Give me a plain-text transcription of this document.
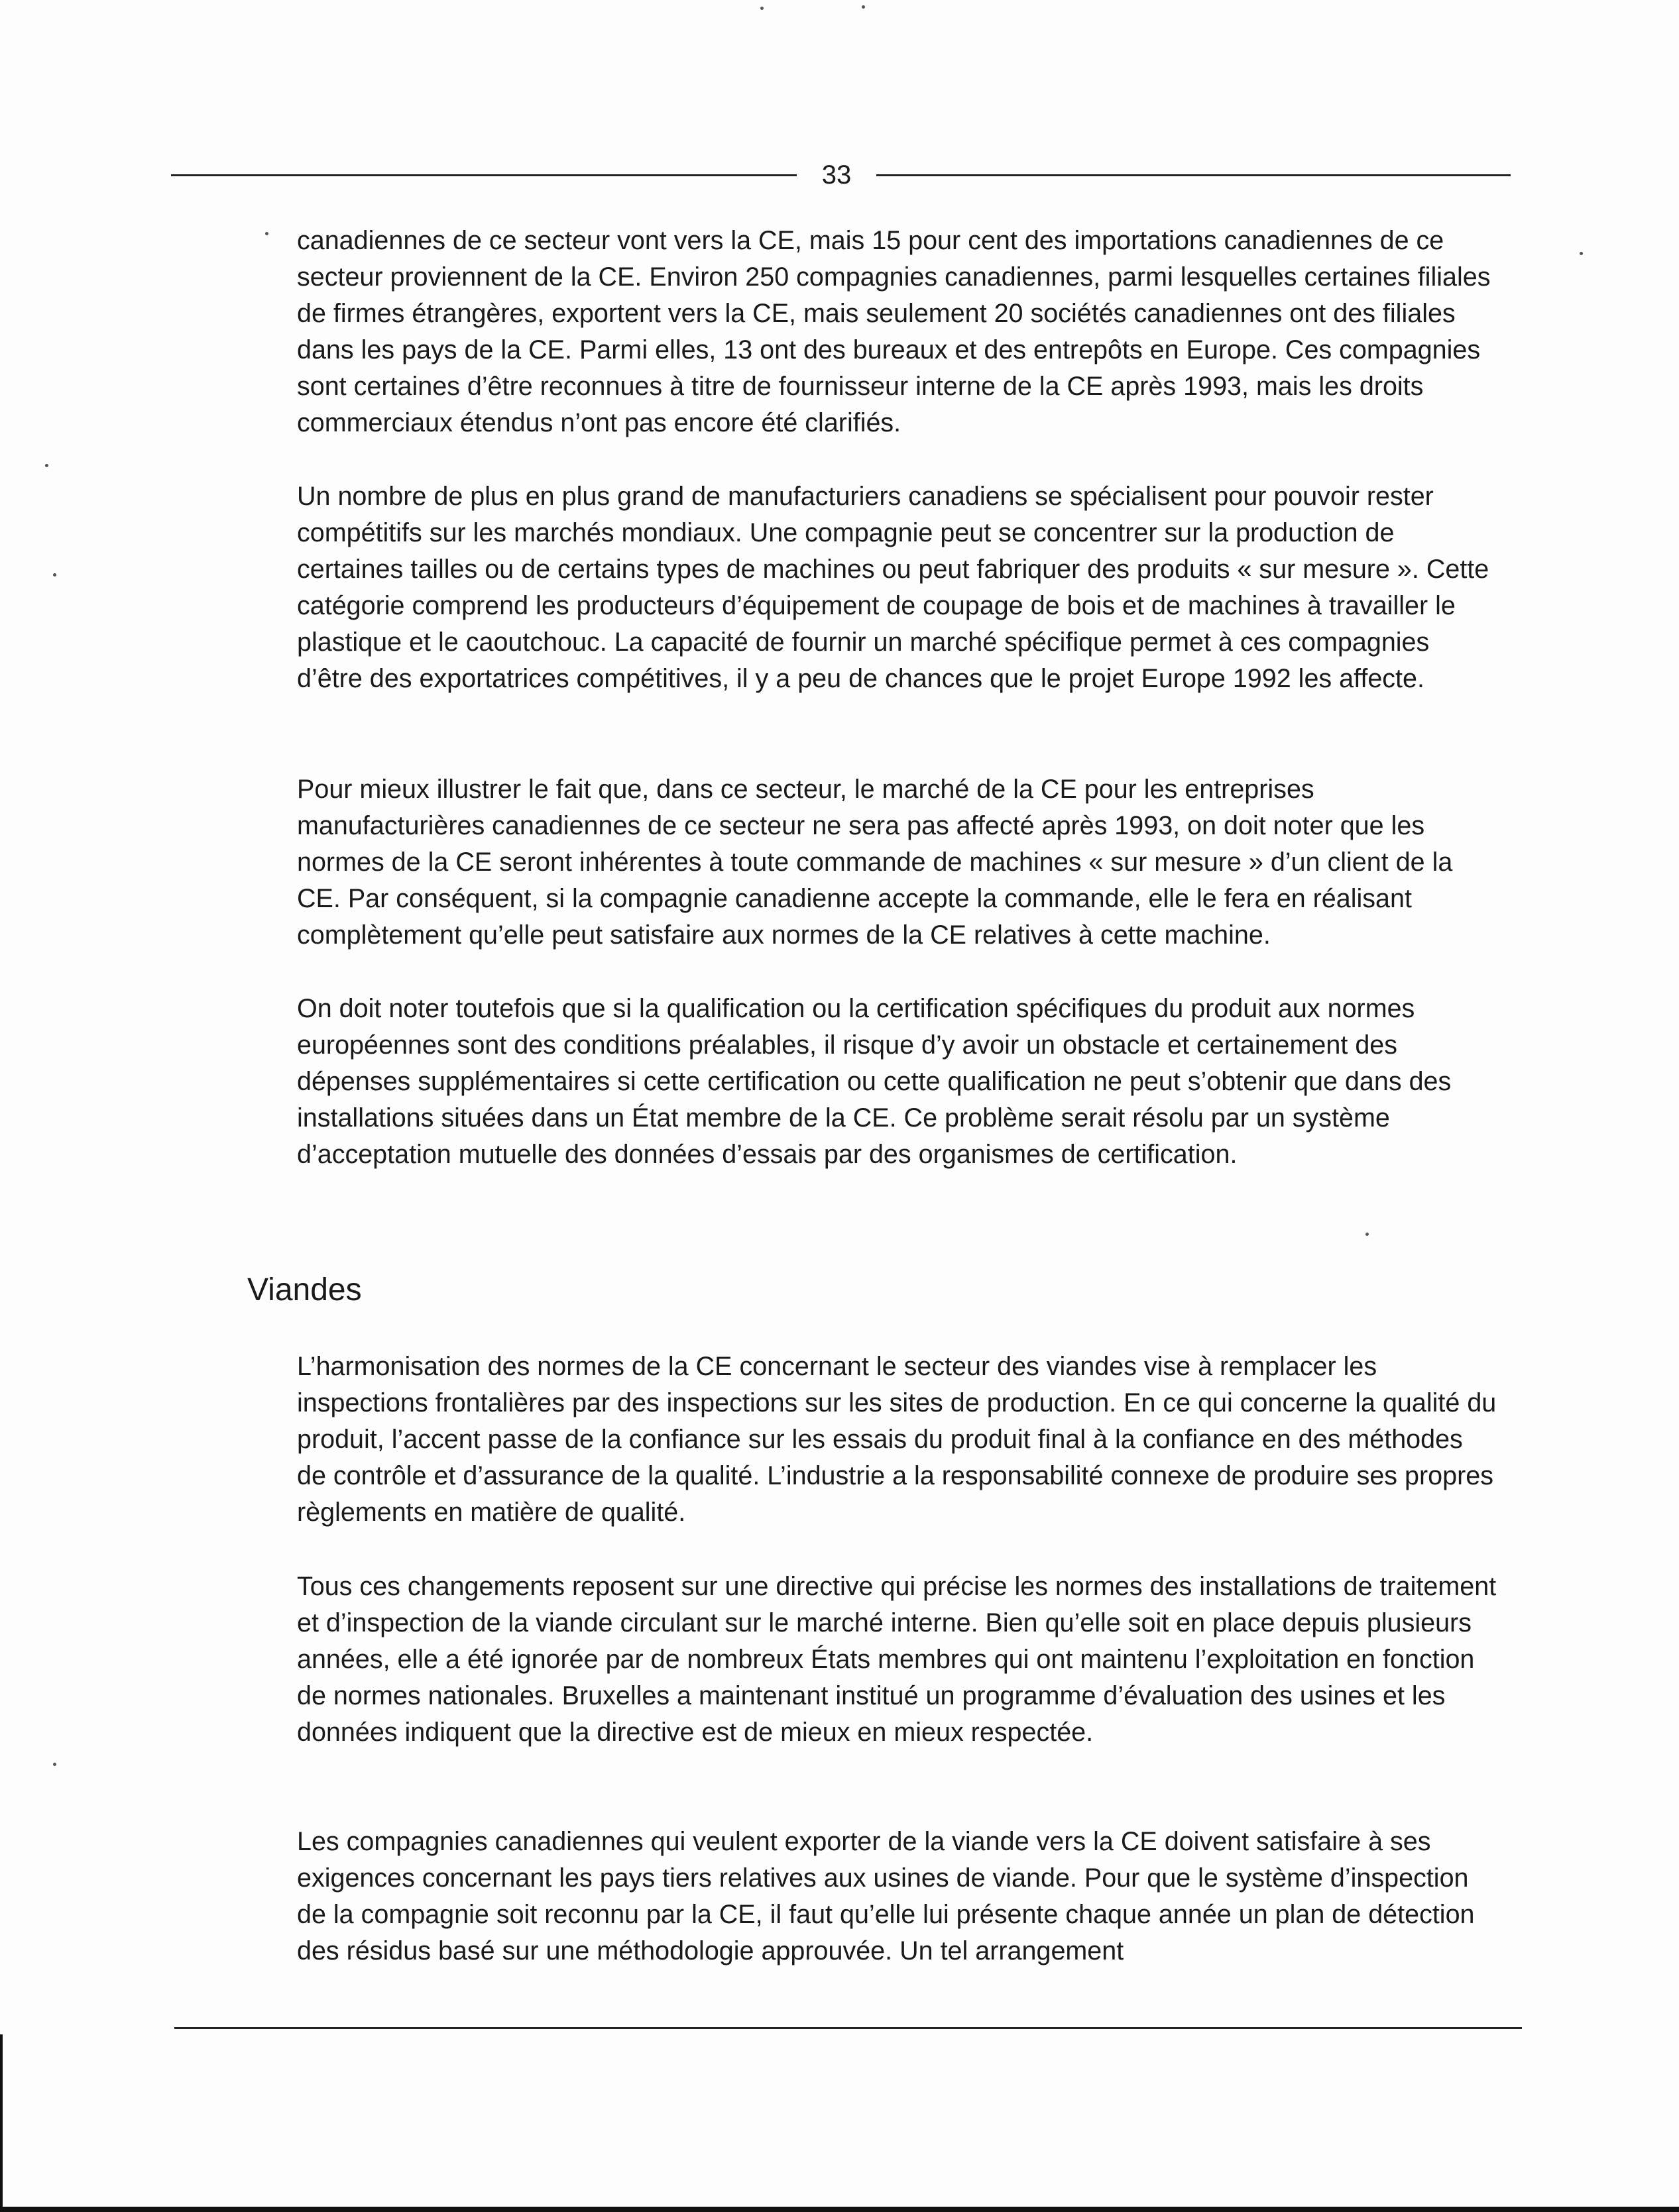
33

canadiennes de ce secteur vont vers la CE, mais 15 pour cent des importations canadiennes de ce secteur proviennent de la CE. Environ 250 compagnies canadiennes, parmi lesquelles certaines filiales de firmes étrangères, exportent vers la CE, mais seulement 20 sociétés canadiennes ont des filiales dans les pays de la CE. Parmi elles, 13 ont des bureaux et des entrepôts en Europe. Ces compagnies sont certaines d’être reconnues à titre de fournisseur interne de la CE après 1993, mais les droits commerciaux étendus n’ont pas encore été clarifiés.

Un nombre de plus en plus grand de manufacturiers canadiens se spécialisent pour pouvoir rester compétitifs sur les marchés mondiaux. Une compagnie peut se concentrer sur la production de certaines tailles ou de certains types de machines ou peut fabriquer des produits « sur mesure ». Cette catégorie comprend les producteurs d’équipement de coupage de bois et de machines à travailler le plastique et le caoutchouc. La capacité de fournir un marché spécifique permet à ces compagnies d’être des exportatrices compétitives, il y a peu de chances que le projet Europe 1992 les affecte.

Pour mieux illustrer le fait que, dans ce secteur, le marché de la CE pour les entreprises manufacturières canadiennes de ce secteur ne sera pas affecté après 1993, on doit noter que les normes de la CE seront inhérentes à toute commande de machines « sur mesure » d’un client de la CE. Par conséquent, si la compagnie canadienne accepte la commande, elle le fera en réalisant complètement qu’elle peut satisfaire aux normes de la CE relatives à cette machine.

On doit noter toutefois que si la qualification ou la certification spécifiques du produit aux normes européennes sont des conditions préalables, il risque d’y avoir un obstacle et certainement des dépenses supplémentaires si cette certification ou cette qualification ne peut s’obtenir que dans des installations situées dans un État membre de la CE. Ce problème serait résolu par un système d’acceptation mutuelle des données d’essais par des organismes de certification.

Viandes

L’harmonisation des normes de la CE concernant le secteur des viandes vise à remplacer les inspections frontalières par des inspections sur les sites de production. En ce qui concerne la qualité du produit, l’accent passe de la confiance sur les essais du produit final à la confiance en des méthodes de contrôle et d’assurance de la qualité. L’industrie a la responsabilité connexe de produire ses propres règlements en matière de qualité.

Tous ces changements reposent sur une directive qui précise les normes des installations de traitement et d’inspection de la viande circulant sur le marché interne. Bien qu’elle soit en place depuis plusieurs années, elle a été ignorée par de nombreux États membres qui ont maintenu l’exploitation en fonction de normes nationales. Bruxelles a maintenant institué un programme d’évaluation des usines et les données indiquent que la directive est de mieux en mieux respectée.

Les compagnies canadiennes qui veulent exporter de la viande vers la CE doivent satisfaire à ses exigences concernant les pays tiers relatives aux usines de viande. Pour que le système d’inspection de la compagnie soit reconnu par la CE, il faut qu’elle lui présente chaque année un plan de détection des résidus basé sur une méthodologie approuvée. Un tel arrangement
